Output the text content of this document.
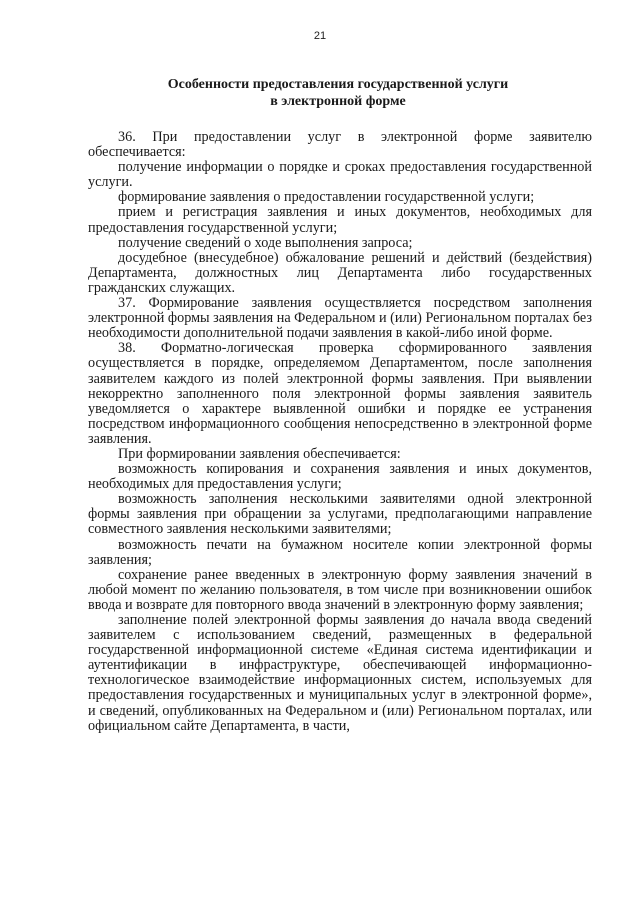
21
Особенности предоставления государственной услуги
в электронной форме

36. При предоставлении услуг в электронной форме заявителю обеспечивается:

получение информации о порядке и сроках предоставления государственной услуги.

формирование заявления о предоставлении государственной услуги;

прием и регистрация заявления и иных документов, необходимых для предоставления государственной услуги;

получение сведений о ходе выполнения запроса;

досудебное (внесудебное) обжалование решений и действий (бездействия) Департамента, должностных лиц Департамента либо государственных гражданских служащих.

37. Формирование заявления осуществляется посредством заполнения электронной формы заявления на Федеральном и (или) Региональном порталах без необходимости дополнительной подачи заявления в какой-либо иной форме.

38. Форматно-логическая проверка сформированного заявления осуществляется в порядке, определяемом Департаментом, после заполнения заявителем каждого из полей электронной формы заявления. При выявлении некорректно заполненного поля электронной формы заявления заявитель уведомляется о характере выявленной ошибки и порядке ее устранения посредством информационного сообщения непосредственно в электронной форме заявления.

При формировании заявления обеспечивается:

возможность копирования и сохранения заявления и иных документов, необходимых для предоставления услуги;

возможность заполнения несколькими заявителями одной электронной формы заявления при обращении за услугами, предполагающими направление совместного заявления несколькими заявителями;

возможность печати на бумажном носителе копии электронной формы заявления;

сохранение ранее введенных в электронную форму заявления значений в любой момент по желанию пользователя, в том числе при возникновении ошибок ввода и возврате для повторного ввода значений в электронную форму заявления;

заполнение полей электронной формы заявления до начала ввода сведений заявителем с использованием сведений, размещенных в федеральной государственной информационной системе «Единая система идентификации и аутентификации в инфраструктуре, обеспечивающей информационно-технологическое взаимодействие информационных систем, используемых для предоставления государственных и муниципальных услуг в электронной форме», и сведений, опубликованных на Федеральном и (или) Региональном порталах, или официальном сайте Департамента, в части,
